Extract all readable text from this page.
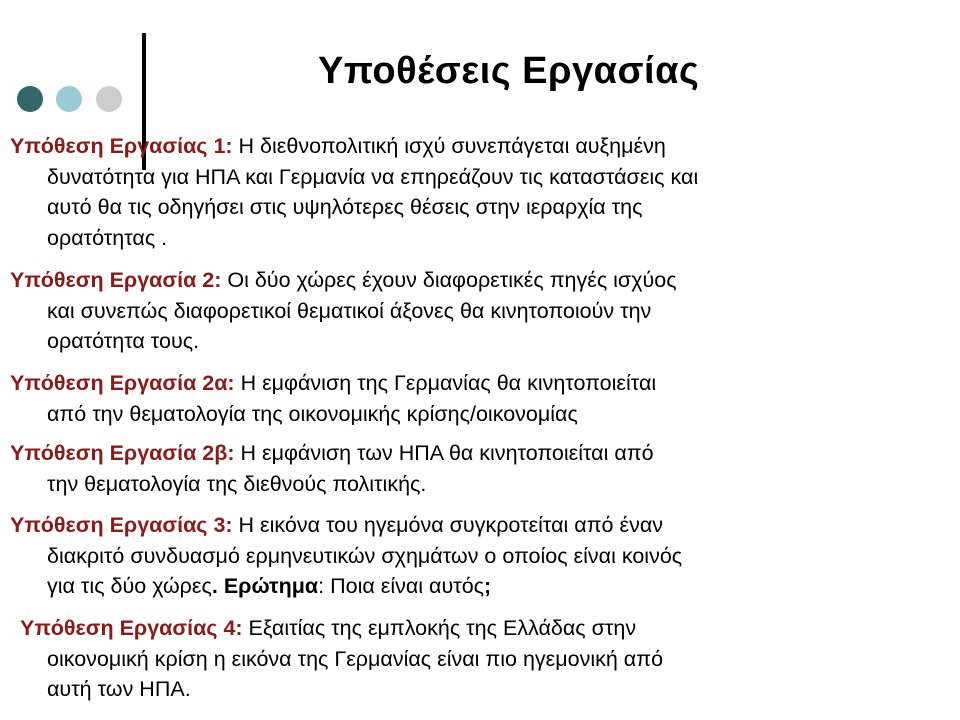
Υποθέσεις Εργασίας
Υπόθεση Εργασίας 1: Η διεθνοπολιτική ισχύ συνεπάγεται αυξημένη
δυνατότητα για ΗΠΑ και Γερμανία να επηρεάζουν τις καταστάσεις και
αυτό θα τις οδηγήσει στις υψηλότερες θέσεις στην ιεραρχία της
ορατότητας .
Υπόθεση Εργασία 2: Οι δύο χώρες έχουν διαφορετικές πηγές ισχύος
και συνεπώς διαφορετικοί θεματικοί άξονες θα κινητοποιούν την
ορατότητα τους.
Υπόθεση Εργασία 2α: Η εμφάνιση της Γερμανίας θα κινητοποιείται
από την θεματολογία της οικονομικής κρίσης/οικονομίας
Υπόθεση Εργασία 2β: Η εμφάνιση των ΗΠΑ θα κινητοποιείται από
την θεματολογία της διεθνούς πολιτικής.
Υπόθεση Εργασίας 3: Η εικόνα του ηγεμόνα συγκροτείται από έναν
διακριτό συνδυασμό ερμηνευτικών σχημάτων ο οποίος είναι κοινός
για τις δύο χώρες. Ερώτημα: Ποια είναι αυτός;
Υπόθεση Εργασίας 4: Εξαιτίας της εμπλοκής της Ελλάδας στην
οικονομική κρίση η εικόνα της Γερμανίας είναι πιο ηγεμονική από
αυτή των ΗΠΑ.
